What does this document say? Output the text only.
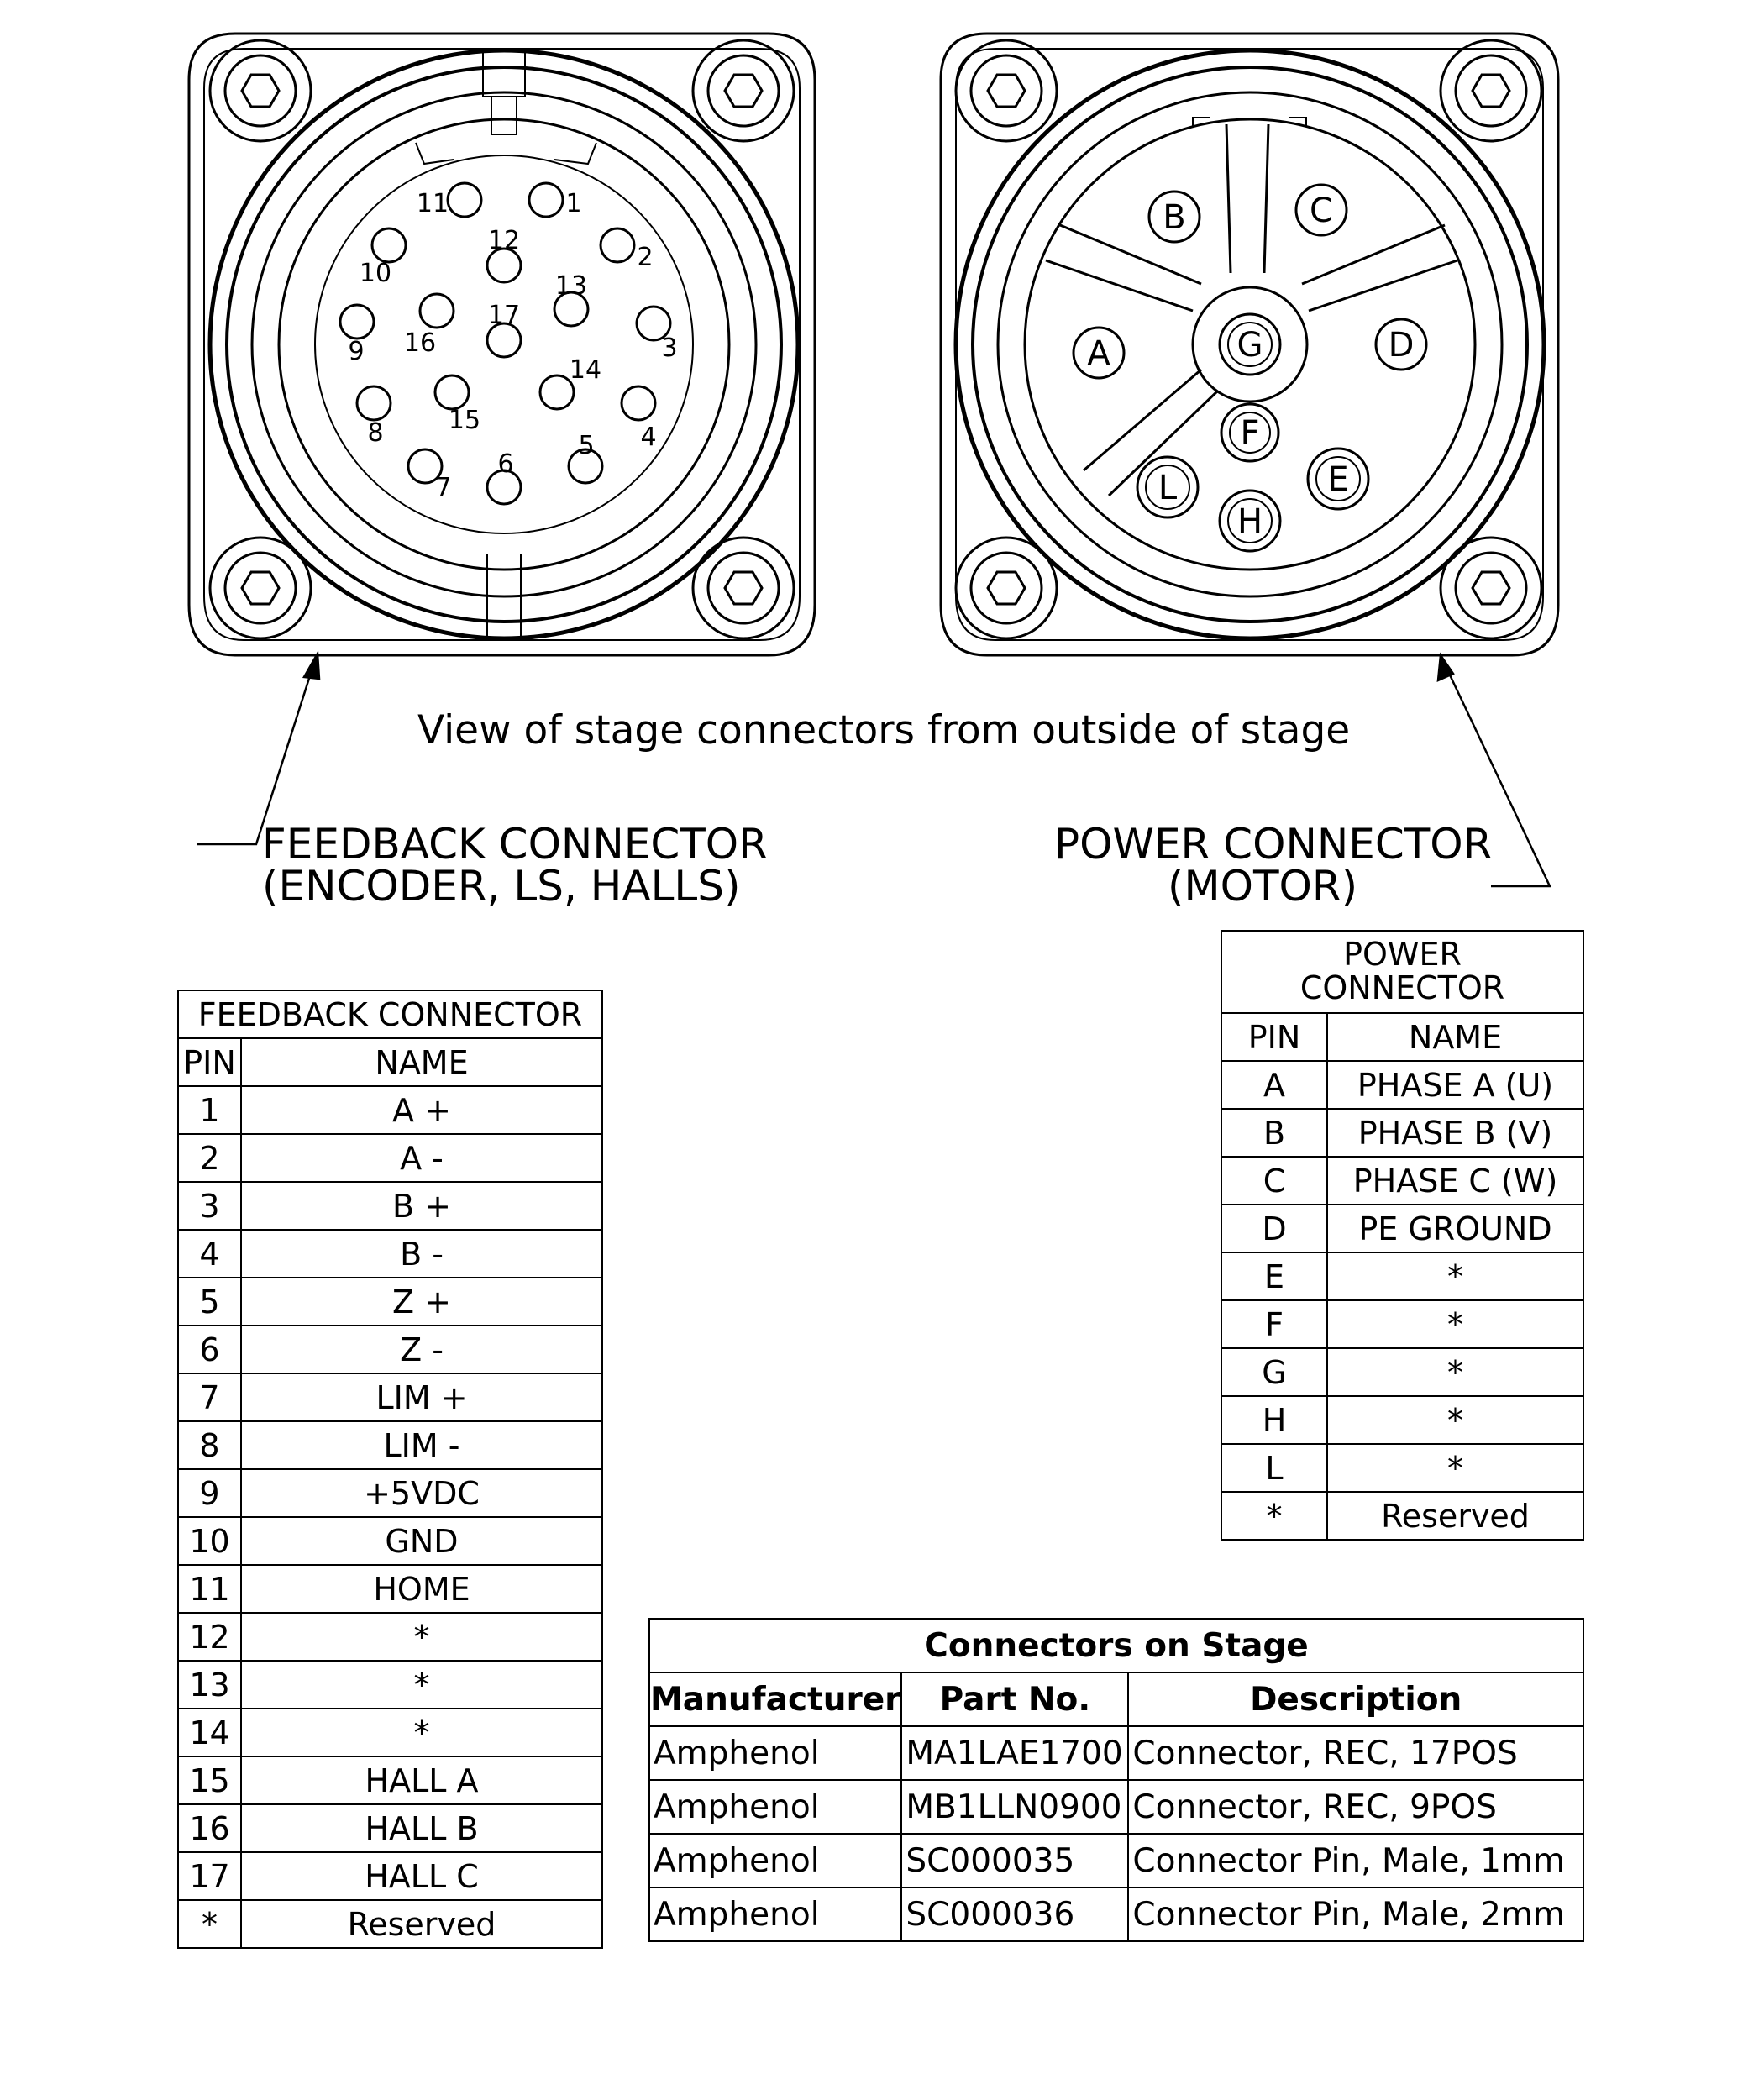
1
2
3
4
5
6
7
8
9
10
11
12
13
14
15
16
17
A
B	C
D
E
F
G
H
L
View of stage connectors from outside of stage
FEEDBACK CONNECTOR
(ENCODER, LS, HALLS)
POWER CONNECTOR
(MOTOR)
FEEDBACK CONNECTOR	
PIN	NAME
1	A +
2	A -
3	B +
4	B -
5	Z +
6	Z -
7	LIM +
8	LIM -
9	+5VDC
10	GND
11	HOME
12	*
13	*
14	*
15	HALL A
16	HALL B
17	HALL C
*	Reserved
POWER
CONNECTOR	
PIN	NAME
A	PHASE A (U)
B	PHASE B (V)
C	PHASE C (W)
D	PE GROUND
E	*
F	*
G	*
H	*
L	*
*	Reserved
Connectors on Stage		
Manufacturer	Part No.	Description
Amphenol	MA1LAE1700	Connector, REC, 17POS
Amphenol	MB1LLN0900	Connector, REC, 9POS
Amphenol	SC000035	Connector Pin, Male, 1mm
Amphenol	SC000036	Connector Pin, Male, 2mm
